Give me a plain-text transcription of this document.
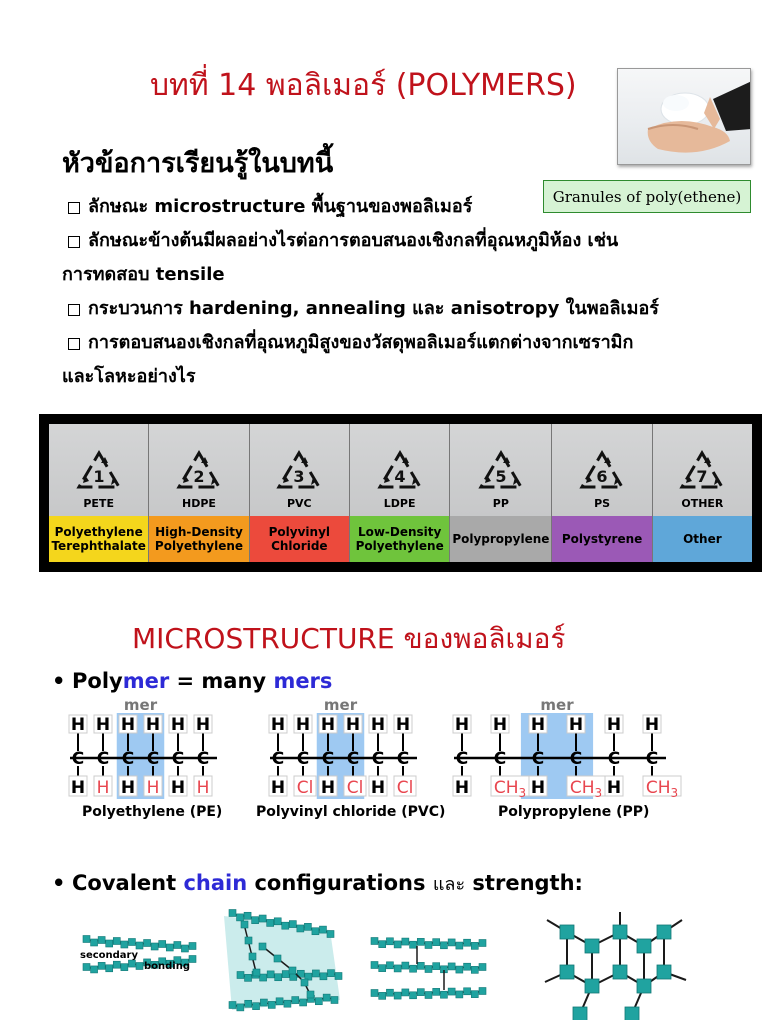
บทที่ 14 พอลิเมอร์ (POLYMERS)
Granules of poly(ethene)
หัวข้อการเรียนรู้ในบทนี้
ลักษณะ microstructure พื้นฐานของพอลิเมอร์
ลักษณะข้างต้นมีผลอย่างไรต่อการตอบสนองเชิงกลที่อุณหภูมิห้อง เช่น
การทดสอบ tensile
กระบวนการ hardening, annealing และ anisotropy ในพอลิเมอร์
การตอบสนองเชิงกลที่อุณหภูมิสูงของวัสดุพอลิเมอร์แตกต่างจากเซรามิก
และโลหะอย่างไร
1
PETE
Polyethylene Terephthalate
2
HDPE
High-Density Polyethylene
3
PVC
Polyvinyl Chloride
4
LDPE
Low-Density Polyethylene
5
PP
Polypropylene
6
PS
Polystyrene
7
OTHER
Other
MICROSTRUCTURE ของพอลิเมอร์
• Polymer = many mers
mer
H
C
H
H
C
H
H
C
H
H
C
H
H
C
H
H
C
H
mer
H
C
H
H
C
Cl
H
C
H
H
C
Cl
H
C
H
H
C
Cl
mer
H
C
H
H
C
$CH_3$
H
C
H
H
C
$CH_3$
H
C
H
H
C
$CH_3$
Polyethylene (PE) Polyvinyl chloride (PVC)	Polypropylene (PP)
• Covalent chain configurations และ strength:
secondary
bonding
